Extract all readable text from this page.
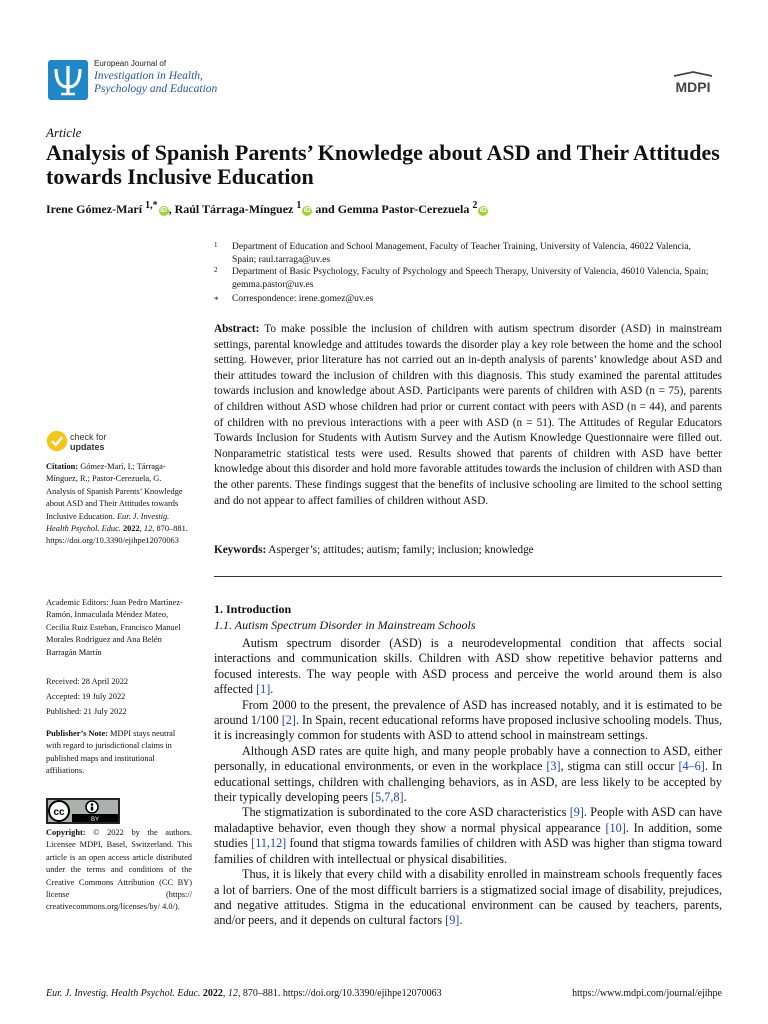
European Journal of
Investigation in Health,
Psychology and Education	MDPI
Article
Analysis of Spanish Parents’ Knowledge about ASD and Their Attitudes towards Inclusive Education
Irene Gómez-Marí $^{1,*}$ iD , Raúl Tárraga-Mínguez $^1$ iD and Gemma Pastor-Cerezuela $^2$ iD
1 Department of Education and School Management, Faculty of Teacher Training, University of Valencia, 46022 Valencia, Spain; raul.tarraga@uv.es
2 Department of Basic Psychology, Faculty of Psychology and Speech Therapy, University of Valencia, 46010 Valencia, Spain; gemma.pastor@uv.es
* Correspondence: irene.gomez@uv.es
Abstract: To make possible the inclusion of children with autism spectrum disorder (ASD) in mainstream settings, parental knowledge and attitudes towards the disorder play a key role between the home and the school setting. However, prior literature has not carried out an in-depth analysis of parents’ knowledge about ASD and their attitudes toward the inclusion of children with this diagnosis. This study examined the parental attitudes towards inclusion and knowledge about ASD. Participants were parents of children with ASD (n = 75), parents of children without ASD whose children had prior or current contact with peers with ASD (n = 44), and parents of children with no previous interactions with a peer with ASD (n = 51). The Attitudes of Regular Educators Towards Inclusion for Students with Autism Survey and the Autism Knowledge Questionnaire were filled out. Nonparametric statistical tests were used. Results showed that parents of children with ASD have better knowledge about this disorder and hold more favorable attitudes towards the inclusion of children with ASD than the other parents. These findings suggest that the benefits of inclusive schooling are limited to the school setting and do not appear to affect families of children without ASD.
Keywords: Asperger’s; attitudes; autism; family; inclusion; knowledge
check for
updates
Citation: Gómez-Marí, I.; Tárraga-Mínguez, R.; Pastor-Cerezuela, G. Analysis of Spanish Parents’ Knowledge about ASD and Their Attitudes towards Inclusive Education. Eur. J. Investig. Health Psychol. Educ. 2022, 12, 870–881. https://doi.org/10.3390/ejihpe12070063
Academic Editors: Juan Pedro Martínez-Ramón, Inmaculada Méndez Mateo, Cecilia Ruiz Esteban, Francisco Manuel Morales Rodríguez and Ana Belén Barragán Martín
Received: 28 April 2022
Accepted: 19 July 2022
Published: 21 July 2022
Publisher’s Note: MDPI stays neutral with regard to jurisdictional claims in published maps and institutional affiliations.
cc
BY
Copyright: © 2022 by the authors. Licensee MDPI, Basel, Switzerland. This article is an open access article distributed under the terms and conditions of the Creative Commons Attribution (CC BY) license (https:// creativecommons.org/licenses/by/ 4.0/).
1. Introduction
1.1. Autism Spectrum Disorder in Mainstream Schools

Autism spectrum disorder (ASD) is a neurodevelopmental condition that affects social interactions and communication skills. Children with ASD show repetitive behavior patterns and focused interests. The way people with ASD process and perceive the world around them is also affected [1].

From 2000 to the present, the prevalence of ASD has increased notably, and it is estimated to be around 1/100 [2]. In Spain, recent educational reforms have proposed inclusive schooling models. Thus, it is increasingly common for students with ASD to attend school in mainstream settings.

Although ASD rates are quite high, and many people probably have a connection to ASD, either personally, in educational environments, or even in the workplace [3], stigma can still occur [4–6]. In educational settings, children with challenging behaviors, as in ASD, are less likely to be accepted by their typically developing peers [5,7,8].

The stigmatization is subordinated to the core ASD characteristics [9]. People with ASD can have maladaptive behavior, even though they show a normal physical appearance [10]. In addition, some studies [11,12] found that stigma towards families of children with ASD was higher than stigma toward families of children with intellectual or physical disabilities.

Thus, it is likely that every child with a disability enrolled in mainstream schools frequently faces a lot of barriers. One of the most difficult barriers is a stigmatized social image of disability, prejudices, and negative attitudes. Stigma in the educational environment can be caused by teachers, parents, and/or peers, and it depends on cultural factors [9].

Eur. J. Investig. Health Psychol. Educ. 2022, 12, 870–881. https://doi.org/10.3390/ejihpe12070063	https://www.mdpi.com/journal/ejihpe
